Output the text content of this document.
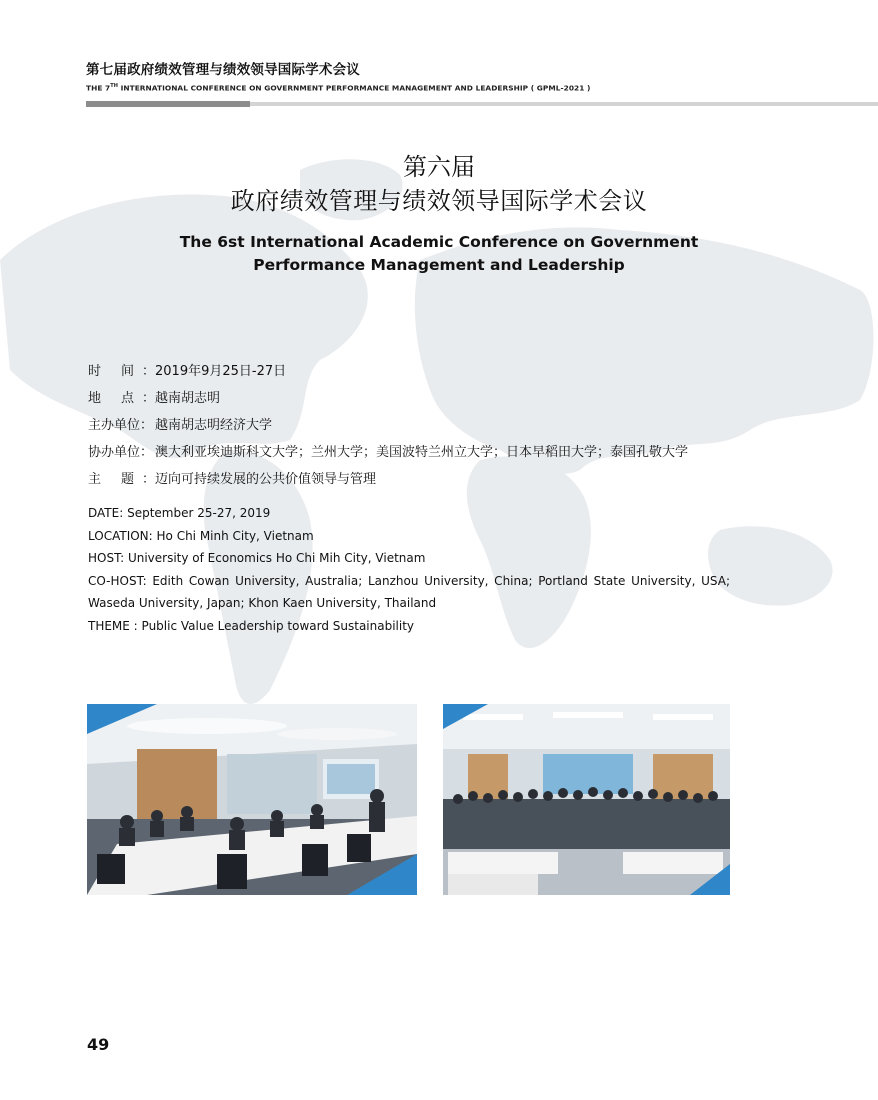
第七届政府绩效管理与绩效领导国际学术会议
THE 7TH INTERNATIONAL CONFERENCE ON GOVERNMENT PERFORMANCE MANAGEMENT AND LEADERSHIP ( GPML-2021 )
第六届
政府绩效管理与绩效领导国际学术会议
The 6st International Academic Conference on Government
Performance Management and Leadership
时 间：2019年9月25日-27日
地 点：越南胡志明
主办单位： 越南胡志明经济大学
协办单位： 澳大利亚埃迪斯科文大学；兰州大学；美国波特兰州立大学；日本早稻田大学；泰国孔敬大学
主 题：迈向可持续发展的公共价值领导与管理
DATE: September 25-27, 2019
LOCATION: Ho Chi Minh City, Vietnam
HOST: University of Economics Ho Chi Mih City, Vietnam
CO-HOST: Edith Cowan University, Australia; Lanzhou University, China; Portland State University, USA;
Waseda University, Japan; Khon Kaen University, Thailand
THEME : Public Value Leadership toward Sustainability
49
